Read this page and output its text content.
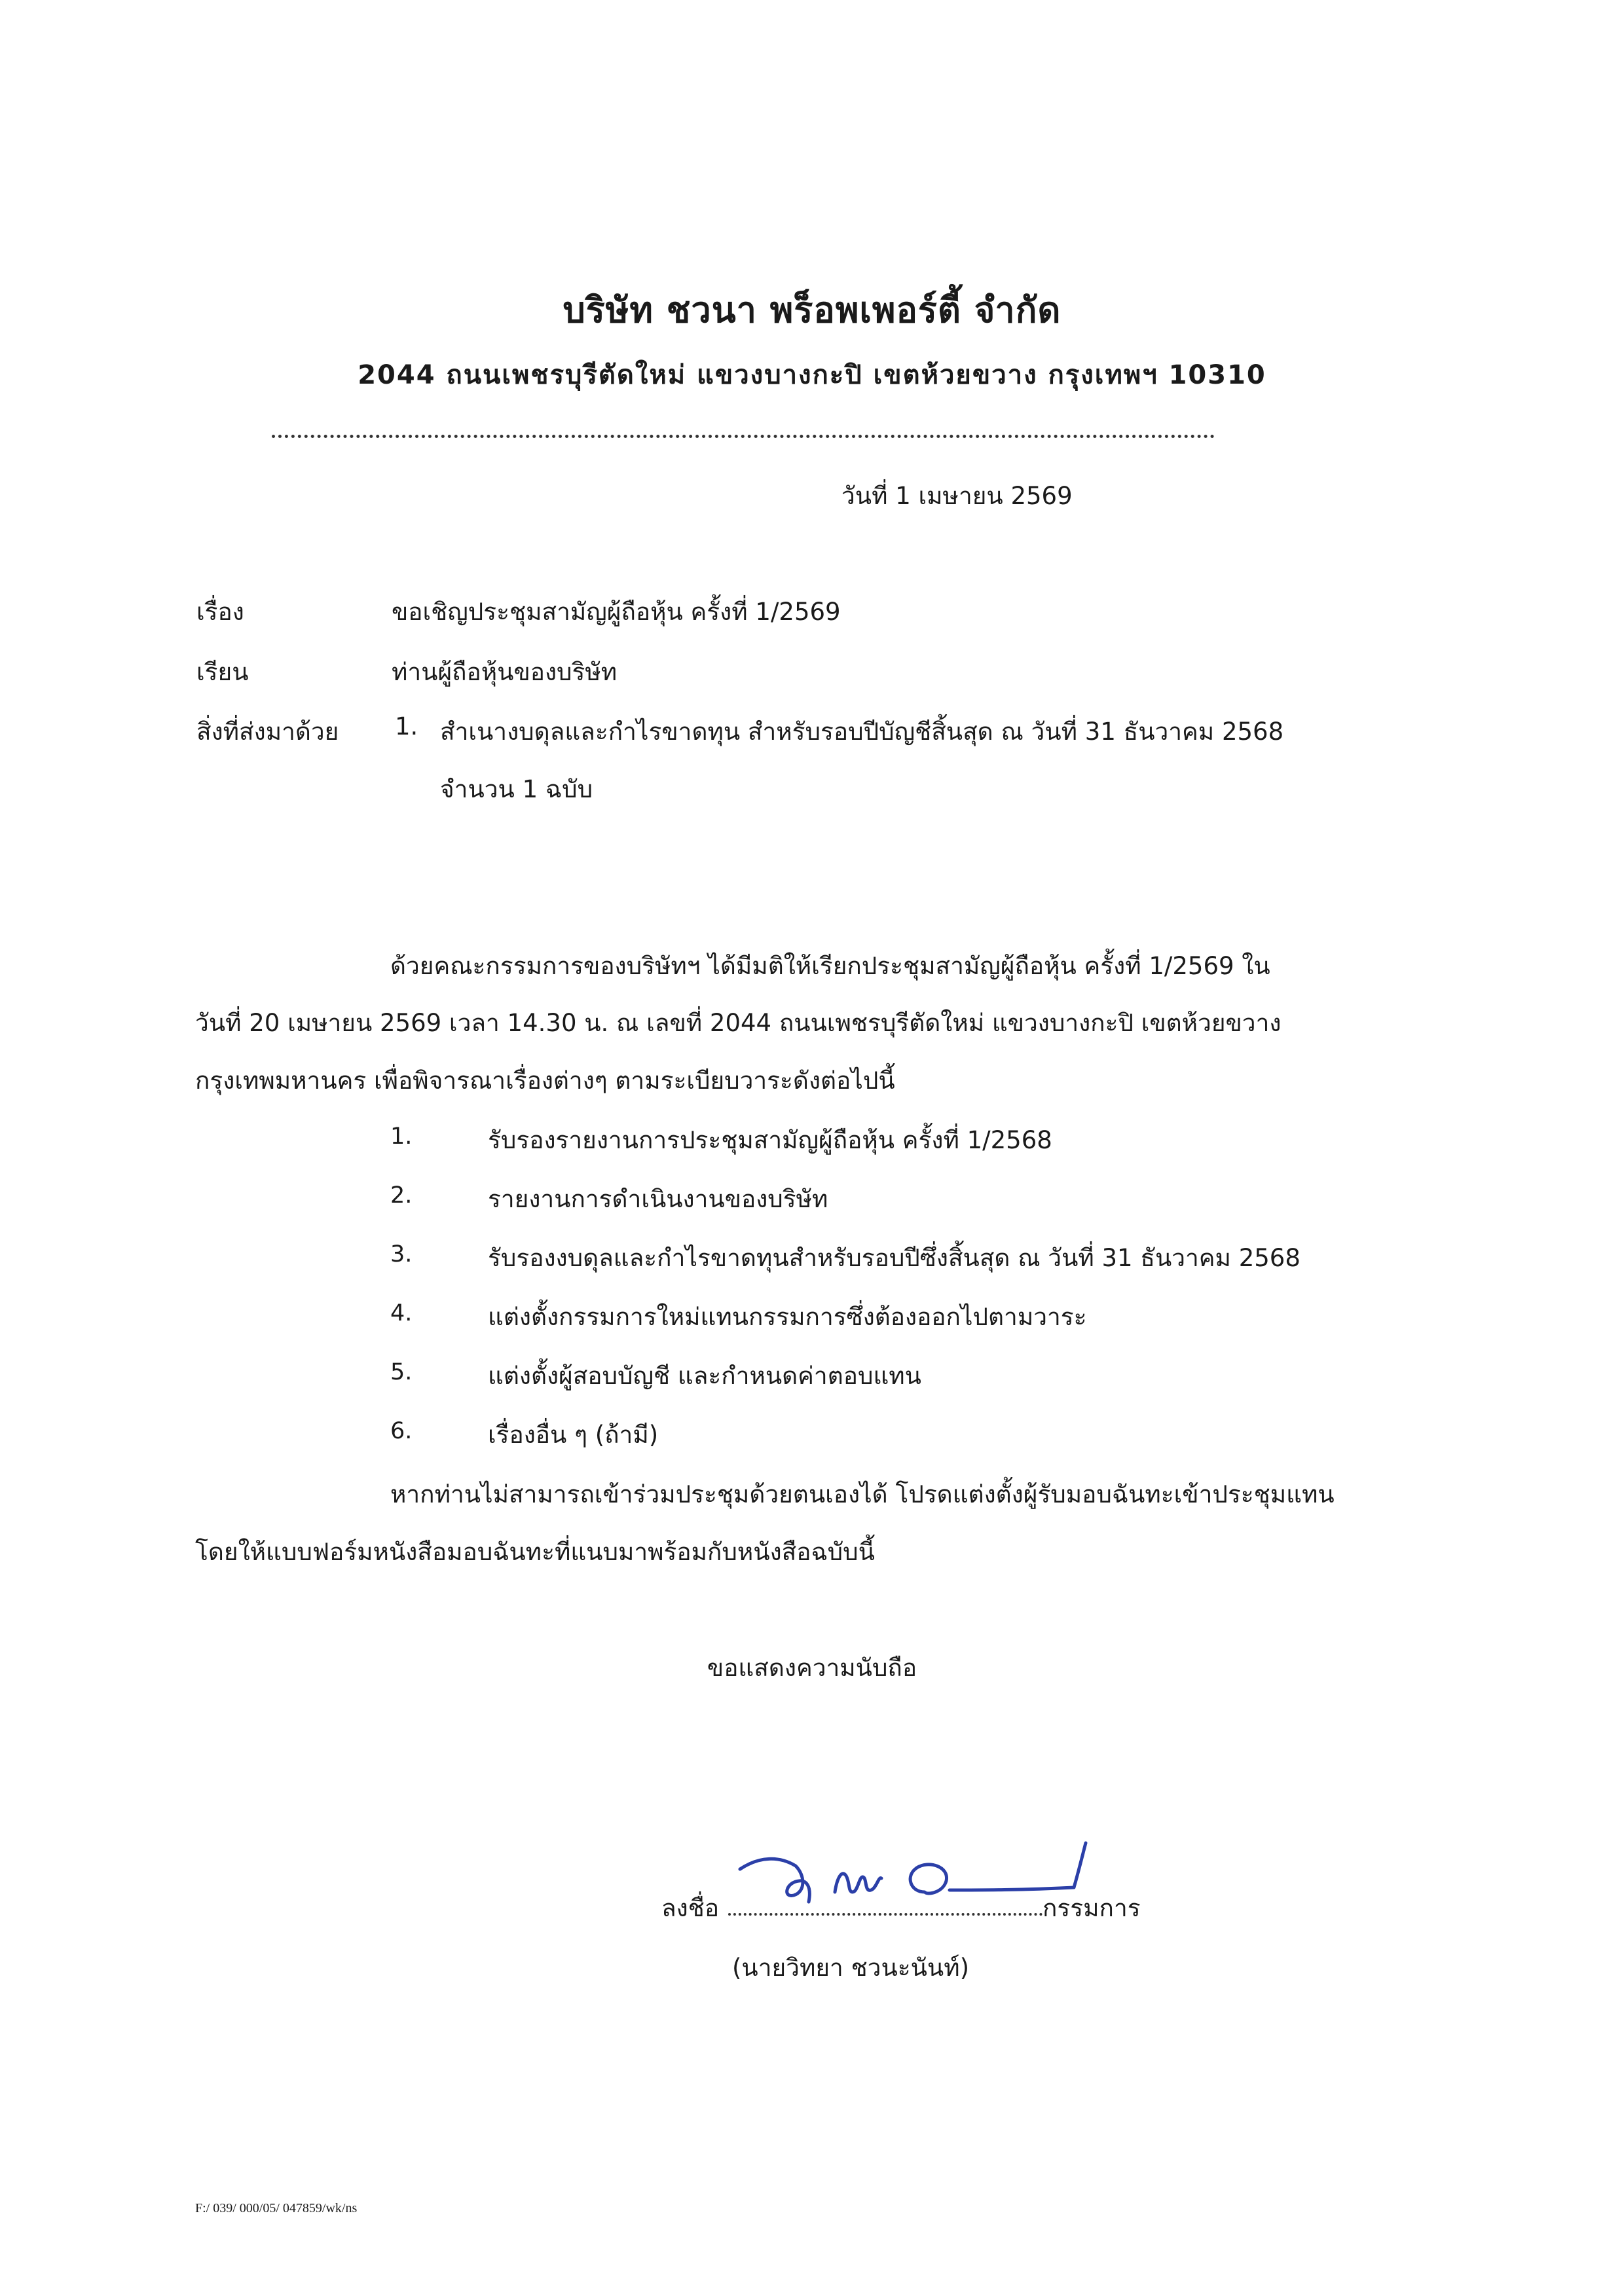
บริษัท ชวนา พร็อพเพอร์ตี้ จำกัด
2044 ถนนเพชรบุรีตัดใหม่ แขวงบางกะปิ เขตห้วยขวาง กรุงเทพฯ 10310
วันที่ 1 เมษายน 2569
เรื่อง	ขอเชิญประชุมสามัญผู้ถือหุ้น ครั้งที่ 1/2569
เรียน	ท่านผู้ถือหุ้นของบริษัท
สิ่งที่ส่งมาด้วย 1. สำเนางบดุลและกำไรขาดทุน สำหรับรอบปีบัญชีสิ้นสุด ณ วันที่ 31 ธันวาคม 2568
จำนวน 1 ฉบับ
ด้วยคณะกรรมการของบริษัทฯ ได้มีมติให้เรียกประชุมสามัญผู้ถือหุ้น ครั้งที่ 1/2569 ใน
วันที่ 20 เมษายน 2569 เวลา 14.30 น. ณ เลขที่ 2044 ถนนเพชรบุรีตัดใหม่ แขวงบางกะปิ เขตห้วยขวาง
กรุงเทพมหานคร เพื่อพิจารณาเรื่องต่างๆ ตามระเบียบวาระดังต่อไปนี้
1.	รับรองรายงานการประชุมสามัญผู้ถือหุ้น ครั้งที่ 1/2568
2.	รายงานการดำเนินงานของบริษัท
3.	รับรองงบดุลและกำไรขาดทุนสำหรับรอบปีซึ่งสิ้นสุด ณ วันที่ 31 ธันวาคม 2568
4.	แต่งตั้งกรรมการใหม่แทนกรรมการซึ่งต้องออกไปตามวาระ
5.	แต่งตั้งผู้สอบบัญชี และกำหนดค่าตอบแทน
6.	เรื่องอื่น ๆ (ถ้ามี)
หากท่านไม่สามารถเข้าร่วมประชุมด้วยตนเองได้ โปรดแต่งตั้งผู้รับมอบฉันทะเข้าประชุมแทน
โดยให้แบบฟอร์มหนังสือมอบฉันทะที่แนบมาพร้อมกับหนังสือฉบับนี้
ขอแสดงความนับถือ
ลงชื่อ	กรรมการ
(นายวิทยา ชวนะนันท์)
F:/ 039/ 000/05/ 047859/wk/ns
